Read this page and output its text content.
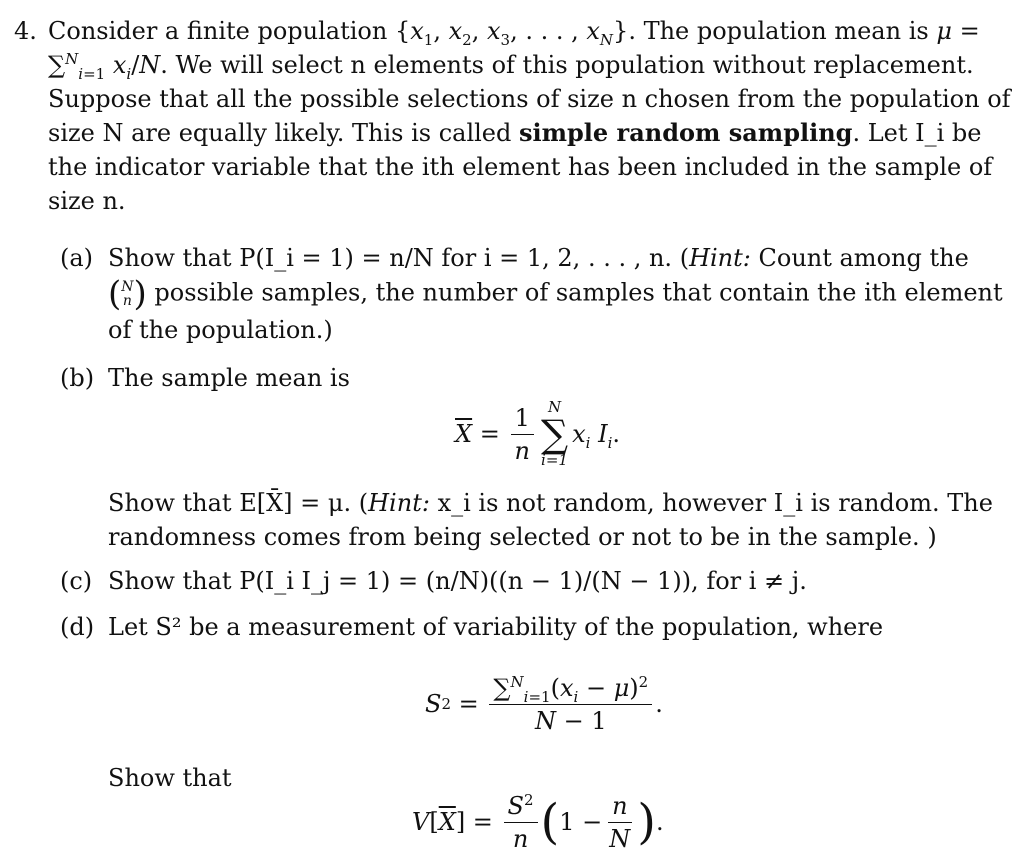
4. Consider a finite population {$x_1$, $x_2$, $x_3$, . . . , $x_N$}. The population mean is μ =
∑$^N_{i=1}$ $x_i/N$. We will select n elements of this population without replacement.
Suppose that all the possible selections of size n chosen from the population of
size N are equally likely. This is called simple random sampling. Let I_i be
the indicator variable that the ith element has been included in the sample of
size n.
(a) Show that P(I_i = 1) = n/N for i = 1, 2, . . . , n. (Hint: Count among the
( N
n ) possible samples, the number of samples that contain the ith element
of the population.)
(b) The sample mean is
$\overline{X} = \frac{1}{n}$ N
∑
i=1
$x_i$ $I_i$.
Show that E[X̄] = μ. (Hint: x_i is not random, however I_i is random. The
randomness comes from being selected or not to be in the sample. )
(c) Show that P(I_i I_j = 1) = (n/N)((n − 1)/(N − 1)), for i ≠ j.
(d) Let S² be a measurement of variability of the population, where
S $2 = \frac{\sum^N_{i=1}(x_i - \mu)^2}{N - 1}$ .
Show that
V [ $\overline{X}$ ] = $\frac{S^2}{n}$ ( $1 - \frac{n}{N}$ ) .
